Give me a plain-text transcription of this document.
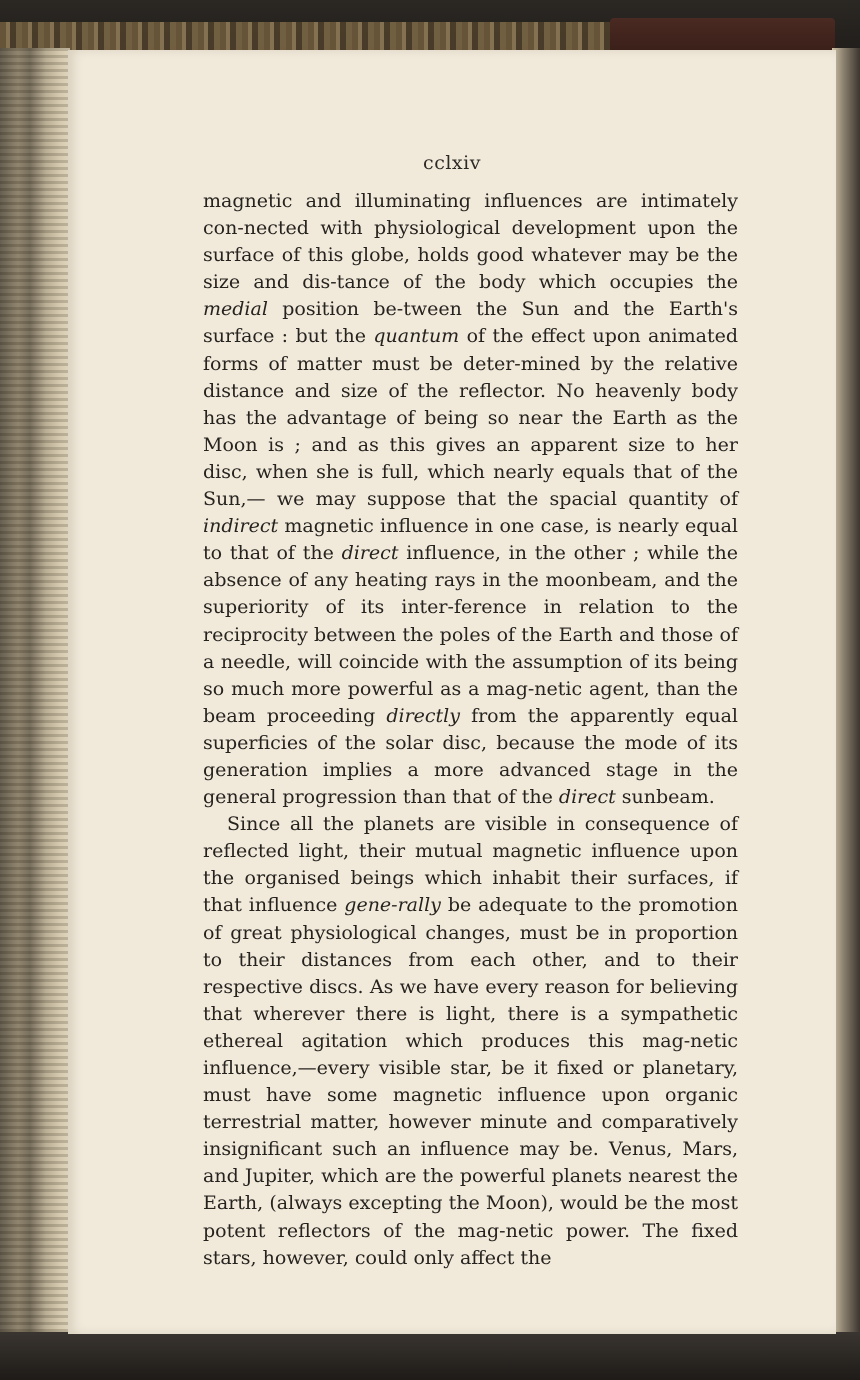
cclxiv

magnetic and illuminating influences are intimately con-nected with physiological development upon the surface of this globe, holds good whatever may be the size and dis-tance of the body which occupies the medial position be-tween the Sun and the Earth's surface : but the quantum of the effect upon animated forms of matter must be deter-mined by the relative distance and size of the reflector. No heavenly body has the advantage of being so near the Earth as the Moon is ; and as this gives an apparent size to her disc, when she is full, which nearly equals that of the Sun,— we may suppose that the spacial quantity of indirect magnetic influence in one case, is nearly equal to that of the direct influence, in the other ; while the absence of any heating rays in the moonbeam, and the superiority of its inter-ference in relation to the reciprocity between the poles of the Earth and those of a needle, will coincide with the assumption of its being so much more powerful as a mag-netic agent, than the beam proceeding directly from the apparently equal superficies of the solar disc, because the mode of its generation implies a more advanced stage in the general progression than that of the direct sunbeam.

Since all the planets are visible in consequence of reflected light, their mutual magnetic influence upon the organised beings which inhabit their surfaces, if that influence gene-rally be adequate to the promotion of great physiological changes, must be in proportion to their distances from each other, and to their respective discs. As we have every reason for believing that wherever there is light, there is a sympathetic ethereal agitation which produces this mag-netic influence,—every visible star, be it fixed or planetary, must have some magnetic influence upon organic terrestrial matter, however minute and comparatively insignificant such an influence may be. Venus, Mars, and Jupiter, which are the powerful planets nearest the Earth, (always excepting the Moon), would be the most potent reflectors of the mag-netic power. The fixed stars, however, could only affect the
